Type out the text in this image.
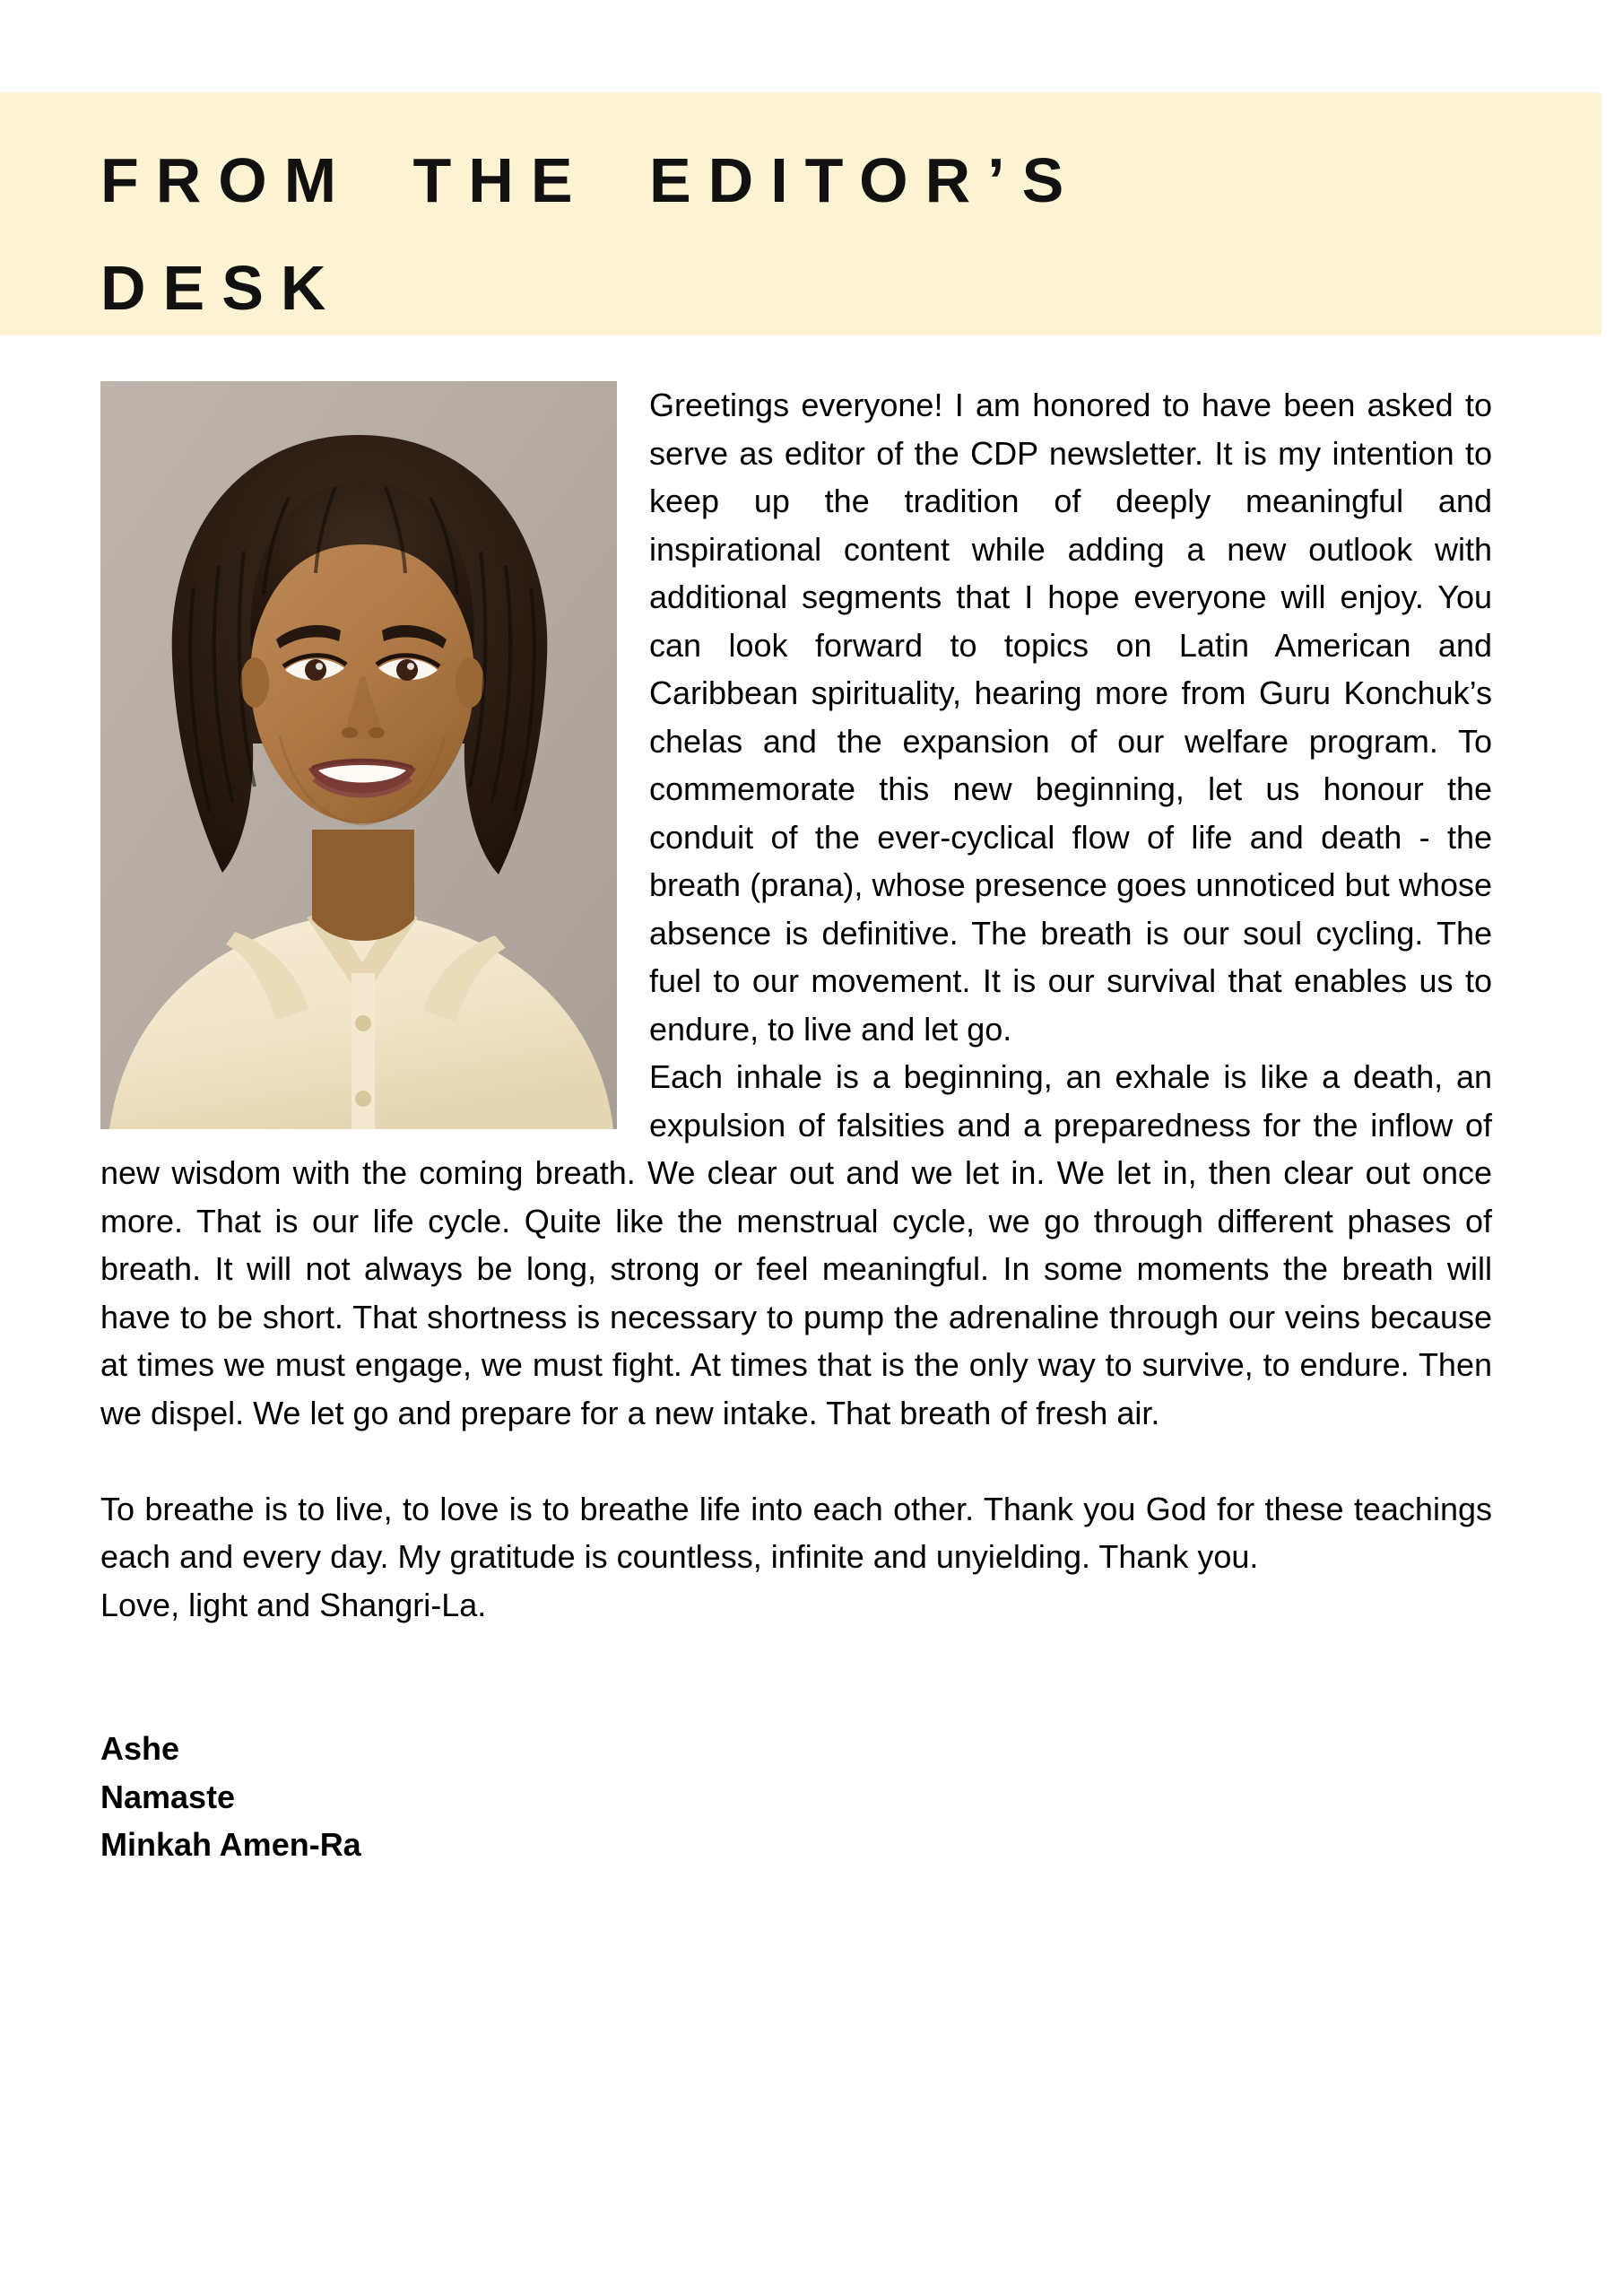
FROM THE EDITOR’S DESK

Greetings everyone! I am honored to have been asked to serve as editor of the CDP newsletter. It is my intention to keep up the tradition of deeply meaningful and inspirational content while adding a new outlook with additional segments that I hope everyone will enjoy. You can look forward to topics on Latin American and Caribbean spirituality, hearing more from Guru Konchuk’s chelas and the expansion of our welfare program. To commemorate this new beginning, let us honour the conduit of the ever-cyclical flow of life and death - the breath (prana), whose presence goes unnoticed but whose absence is definitive. The breath is our soul cycling. The fuel to our movement. It is our survival that enables us to endure, to live and let go.

Each inhale is a beginning, an exhale is like a death, an expulsion of falsities and a preparedness for the inflow of new wisdom with the coming breath. We clear out and we let in. We let in, then clear out once more. That is our life cycle. Quite like the menstrual cycle, we go through different phases of breath. It will not always be long, strong or feel meaningful. In some moments the breath will have to be short. That shortness is necessary to pump the adrenaline through our veins because at times we must engage, we must fight. At times that is the only way to survive, to endure. Then we dispel. We let go and prepare for a new intake. That breath of fresh air.

To breathe is to live, to love is to breathe life into each other. Thank you God for these teachings each and every day. My gratitude is countless, infinite and unyielding. Thank you.

Love, light and Shangri-La.

Ashe
Namaste
Minkah Amen-Ra
